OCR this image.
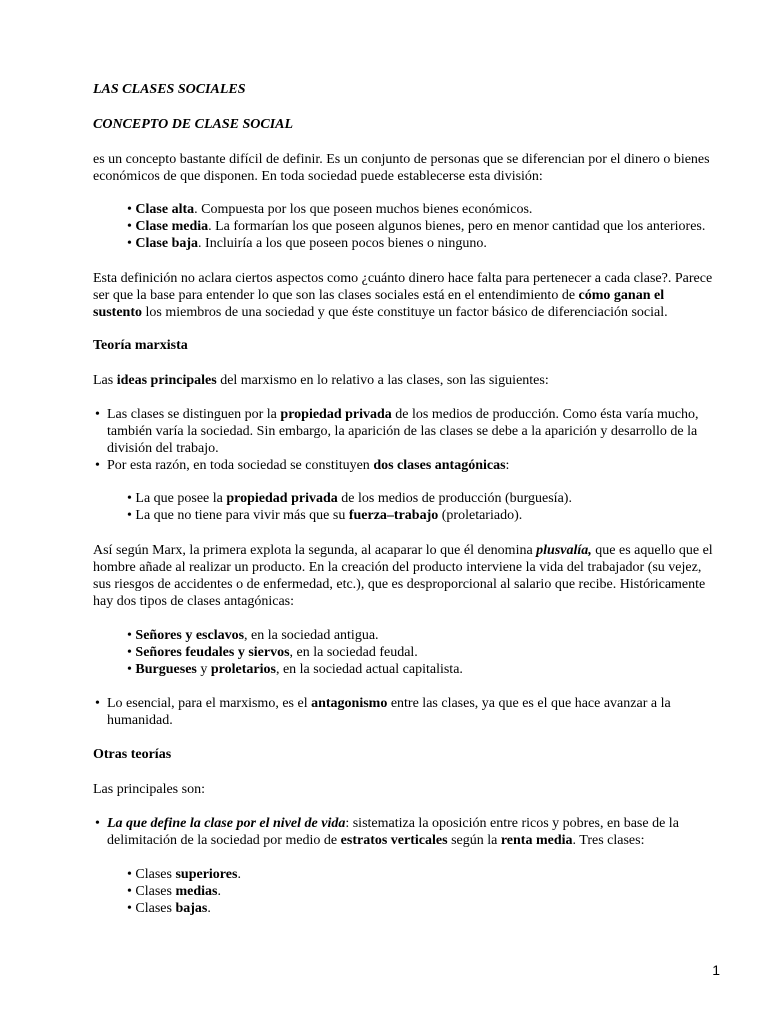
LAS CLASES SOCIALES

CONCEPTO DE CLASE SOCIAL

es un concepto bastante difícil de definir. Es un conjunto de personas que se diferencian por el dinero o bienes

económicos de que disponen. En toda sociedad puede establecerse esta división:

• Clase alta. Compuesta por los que poseen muchos bienes económicos.
• Clase media. La formarían los que poseen algunos bienes, pero en menor cantidad que los anteriores.
• Clase baja. Incluiría a los que poseen pocos bienes o ninguno.

Esta definición no aclara ciertos aspectos como ¿cuánto dinero hace falta para pertenecer a cada clase?. Parece

ser que la base para entender lo que son las clases sociales está en el entendimiento de cómo ganan el

sustento los miembros de una sociedad y que éste constituye un factor básico de diferenciación social.

Teoría marxista

Las ideas principales del marxismo en lo relativo a las clases, son las siguientes:

• Las clases se distinguen por la propiedad privada de los medios de producción. Como ésta varía mucho,
también varía la sociedad. Sin embargo, la aparición de las clases se debe a la aparición y desarrollo de la
división del trabajo.
• Por esta razón, en toda sociedad se constituyen dos clases antagónicas:
• La que posee la propiedad privada de los medios de producción (burguesía).
• La que no tiene para vivir más que su fuerza–trabajo (proletariado).

Así según Marx, la primera explota la segunda, al acaparar lo que él denomina plusvalía, que es aquello que el

hombre añade al realizar un producto. En la creación del producto interviene la vida del trabajador (su vejez,

sus riesgos de accidentes o de enfermedad, etc.), que es desproporcional al salario que recibe. Históricamente

hay dos tipos de clases antagónicas:

• Señores y esclavos, en la sociedad antigua.
• Señores feudales y siervos, en la sociedad feudal.
• Burgueses y proletarios, en la sociedad actual capitalista.
• Lo esencial, para el marxismo, es el antagonismo entre las clases, ya que es el que hace avanzar a la
humanidad.

Otras teorías

Las principales son:

• La que define la clase por el nivel de vida: sistematiza la oposición entre ricos y pobres, en base de la
delimitación de la sociedad por medio de estratos verticales según la renta media. Tres clases:
• Clases superiores.
• Clases medias.
• Clases bajas.
1
